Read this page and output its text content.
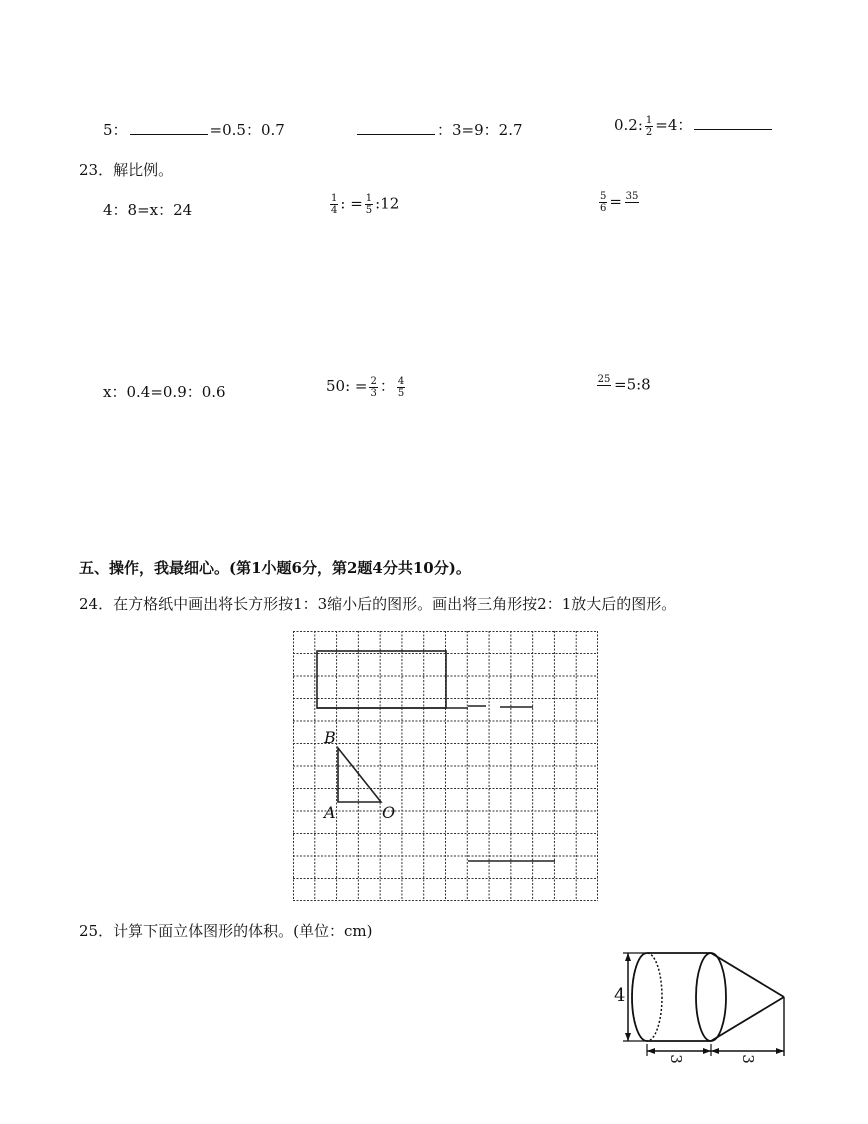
5：	=0.5：0.7	：3=9：2.7	0.2: $\frac{1}{2} =4$：
23．解比例。
4：8=x：24	$\frac{1}{4}$ : = $\frac{1}{5}$ :12	$\frac{5}{6} = 35$
x：0.4=0.9：0.6	50: = $\frac{2}{3}$ ： $\frac{4}{5}$	25 =5:8
五、操作，我最细心。(第1小题6分，第2题4分共10分)。
24．在方格纸中画出将长方形按1：3缩小后的图形。画出将三角形按2：1放大后的图形。
B
A	O
25．计算下面立体图形的体积。(单位：cm)
4
3	3
